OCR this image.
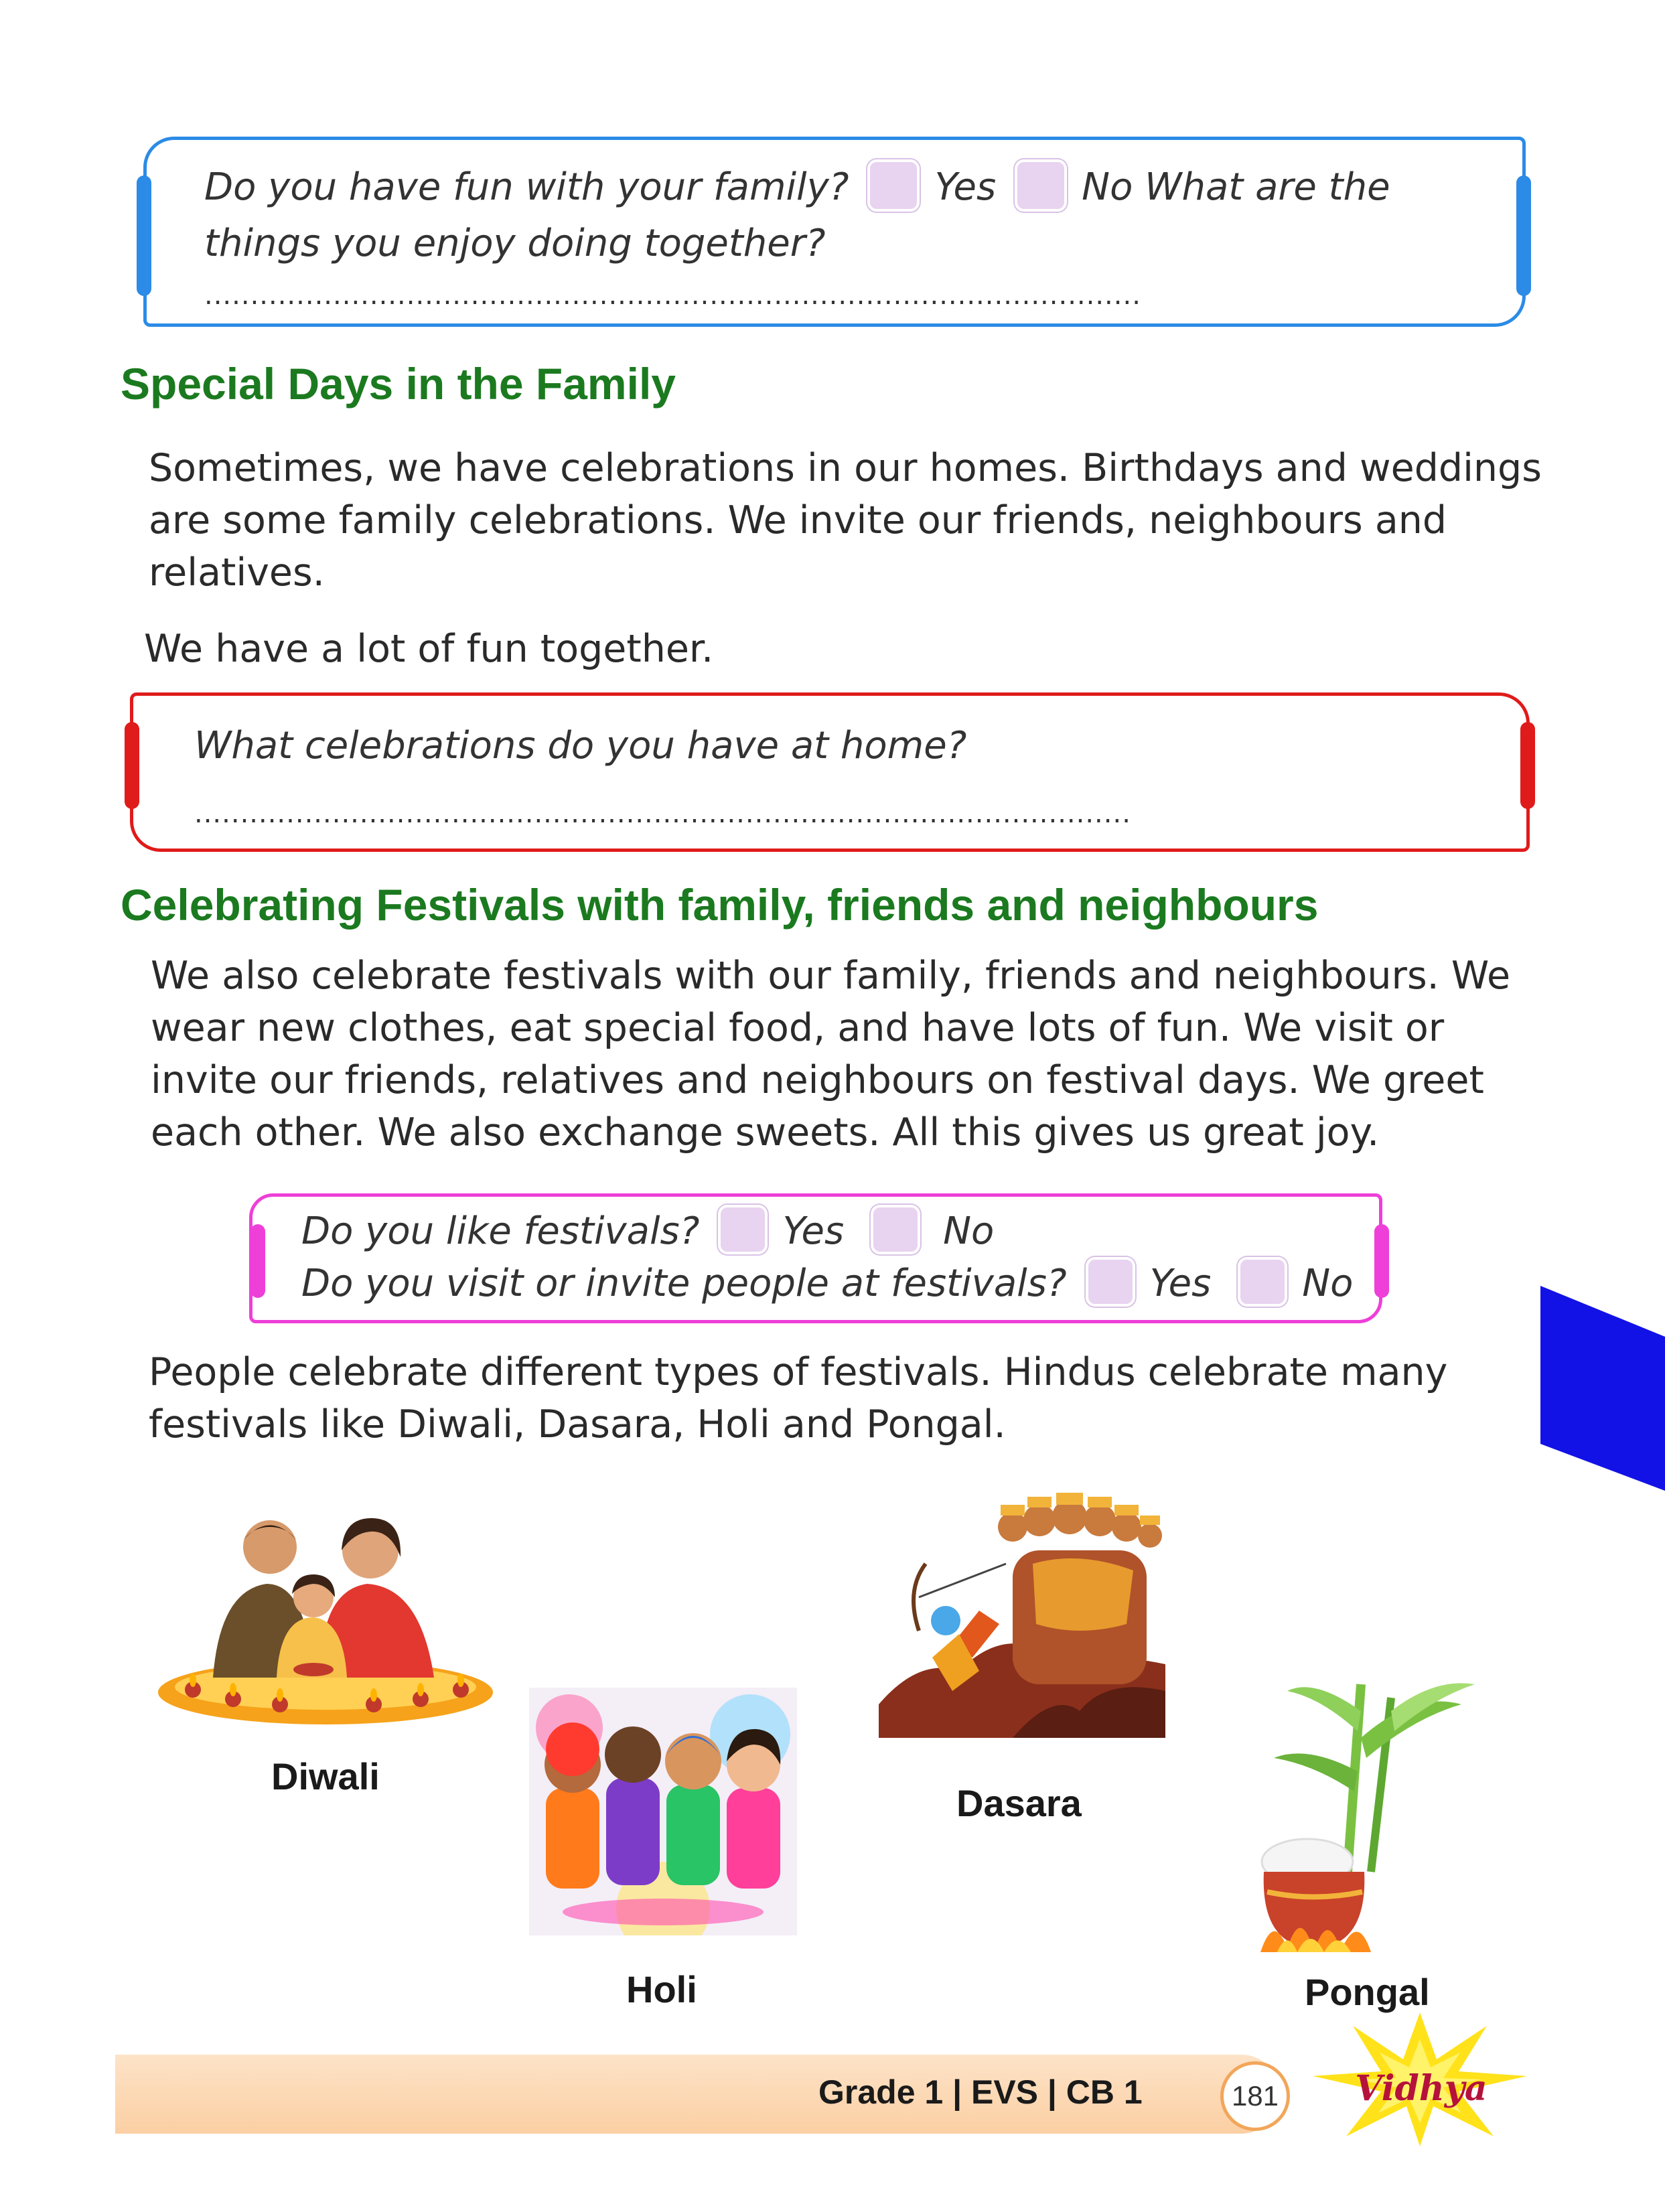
Do you have fun with your family? Yes No What are the
things you enjoy doing together?
......................................................................................................
Special Days in the Family
Sometimes, we have celebrations in our homes. Birthdays and weddings are some family celebrations. We invite our friends, neighbours and relatives.
We have a lot of fun together.
What celebrations do you have at home?
......................................................................................................
Celebrating Festivals with family, friends and neighbours
We also celebrate festivals with our family, friends and neighbours. We wear new clothes, eat special food, and have lots of fun. We visit or invite our friends, relatives and neighbours on festival days. We greet each other. We also exchange sweets. All this gives us great joy.
Do you like festivals? Yes	No
Do you visit or invite people at festivals? Yes No
People celebrate different types of festivals. Hindus celebrate many festivals like Diwali, Dasara, Holi and Pongal.
Diwali
Holi
Dasara
Pongal
Grade 1 | EVS | CB 1	181	Vidhya
